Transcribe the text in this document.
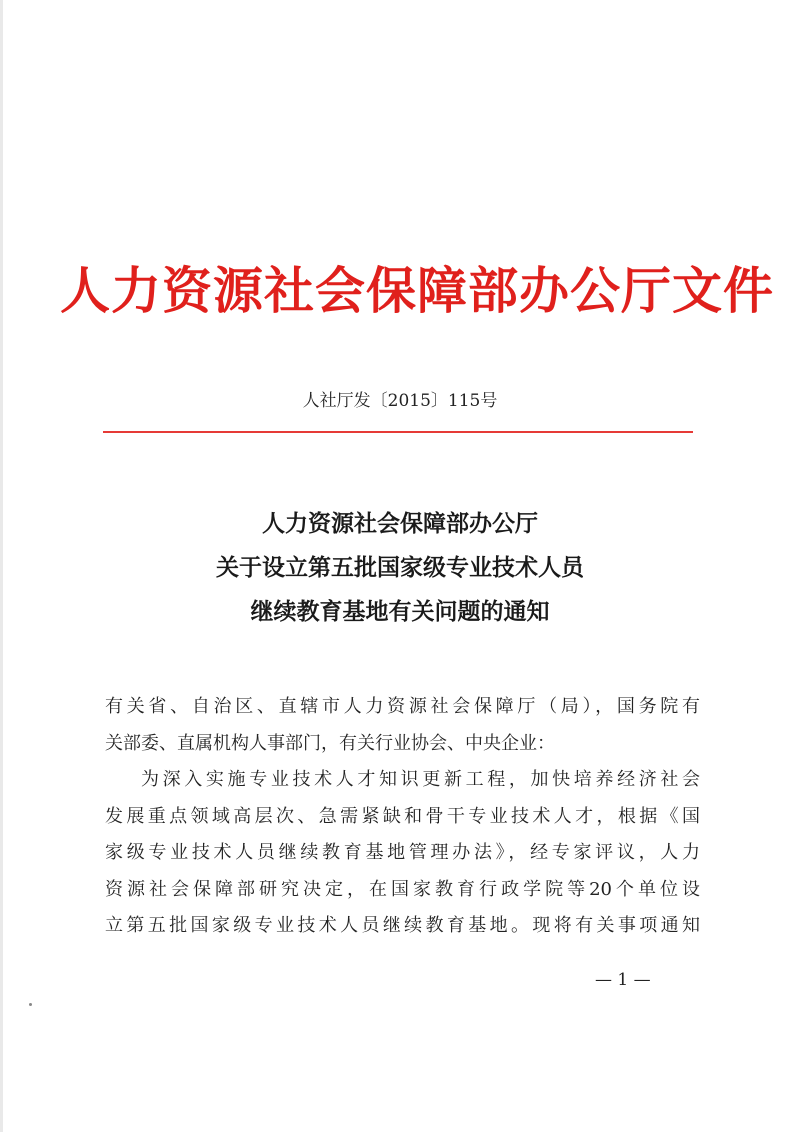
人力资源社会保障部办公厅文件
人社厅发〔2015〕115号
人力资源社会保障部办公厅
关于设立第五批国家级专业技术人员
继续教育基地有关问题的通知
有关省、自治区、直辖市人力资源社会保障厅（局），国务院有
关部委、直属机构人事部门，有关行业协会、中央企业：
为深入实施专业技术人才知识更新工程，加快培养经济社会
发展重点领域高层次、急需紧缺和骨干专业技术人才，根据《国
家级专业技术人员继续教育基地管理办法》，经专家评议，人力
资源社会保障部研究决定，在国家教育行政学院等20个单位设
立第五批国家级专业技术人员继续教育基地。现将有关事项通知
— 1 —
